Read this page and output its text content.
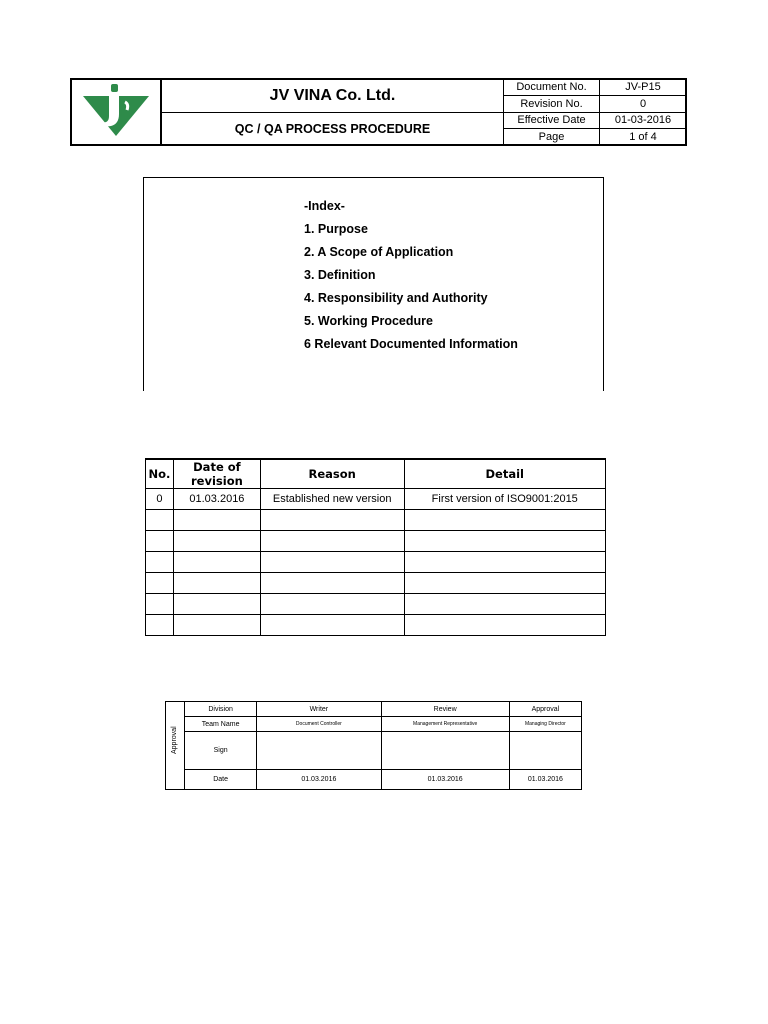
	JV VINA Co. Ltd.	Document No.	JV-P15
		Revision No.	0
	QC / QA PROCESS PROCEDURE	Effective Date	01-03-2016
		Page	1 of 4
-Index-
1. Purpose
2. A Scope of Application
3. Definition
4. Responsibility and Authority
5. Working Procedure
6 Relevant Documented Information
No.	Date of revision	Reason	Detail
0	01.03.2016	Established new version	First version of ISO9001:2015

Approval	Division	Writer	Review	Approval
	Team Name	Document Controller	Management Representative	Managing Director
	Sign			
	Date	01.03.2016	01.03.2016	01.03.2016
